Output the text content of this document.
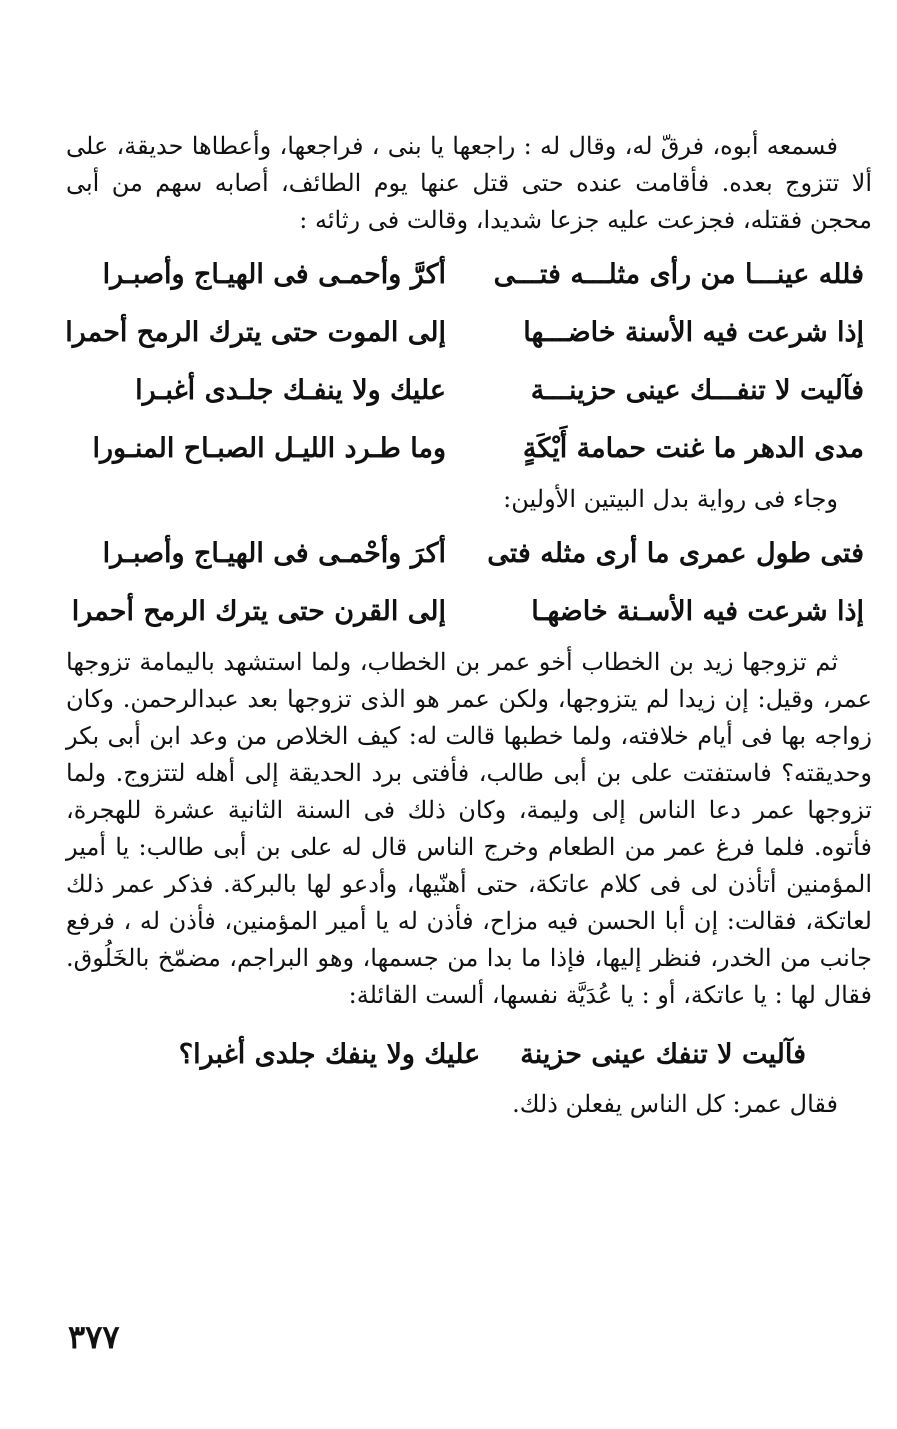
فسمعه أبوه، فرقّ له، وقال له : راجعها يا بنى ، فراجعها، وأعطاها حديقة، على ألا تتزوج بعده. فأقامت عنده حتى قتل عنها يوم الطائف، أصابه سهم من أبى محجن فقتله، فجزعت عليه جزعا شديدا، وقالت فى رثائه :

فلله عينـــا من رأى مثلـــه فتـــى
أكرَّ وأحمـى فى الهيـاج وأصبـرا
إذا شرعت فيه الأسنة خاضـــها
إلى الموت حتى يترك الرمح أحمرا
فآليت لا تنفـــك عينى حزينـــة
عليك ولا ينفـك جلـدى أغبـرا
مدى الدهر ما غنت حمامة أَيْكَةٍ
وما طـرد الليـل الصبـاح المنـورا

وجاء فى رواية بدل البيتين الأولين:

فتى طول عمرى ما أرى مثله فتى
أكرَ وأحْمـى فى الهيـاج وأصبـرا
إذا شرعت فيه الأسـنة خاضهـا
إلى القرن حتى يترك الرمح أحمرا

ثم تزوجها زيد بن الخطاب أخو عمر بن الخطاب، ولما استشهد باليمامة تزوجها عمر، وقيل: إن زيدا لم يتزوجها، ولكن عمر هو الذى تزوجها بعد عبدالرحمن. وكان زواجه بها فى أيام خلافته، ولما خطبها قالت له: كيف الخلاص من وعد ابن أبى بكر وحديقته؟ فاستفتت على بن أبى طالب، فأفتى برد الحديقة إلى أهله لتتزوج. ولما تزوجها عمر دعا الناس إلى وليمة، وكان ذلك فى السنة الثانية عشرة للهجرة، فأتوه. فلما فرغ عمر من الطعام وخرج الناس قال له على بن أبى طالب: يا أمير المؤمنين أتأذن لى فى كلام عاتكة، حتى أهنّيها، وأدعو لها بالبركة. فذكر عمر ذلك لعاتكة، فقالت: إن أبا الحسن فيه مزاح، فأذن له يا أمير المؤمنين، فأذن له ، فرفع جانب من الخدر، فنظر إليها، فإذا ما بدا من جسمها، وهو البراجم، مضمّخ بالخَلُوق. فقال لها : يا عاتكة، أو : يا عُدَيَّة نفسها، ألست القائلة:

فآليت لا تنفك عينى حزينة
عليك ولا ينفك جلدى أغبرا؟

فقال عمر: كل الناس يفعلن ذلك.

٣٧٧
